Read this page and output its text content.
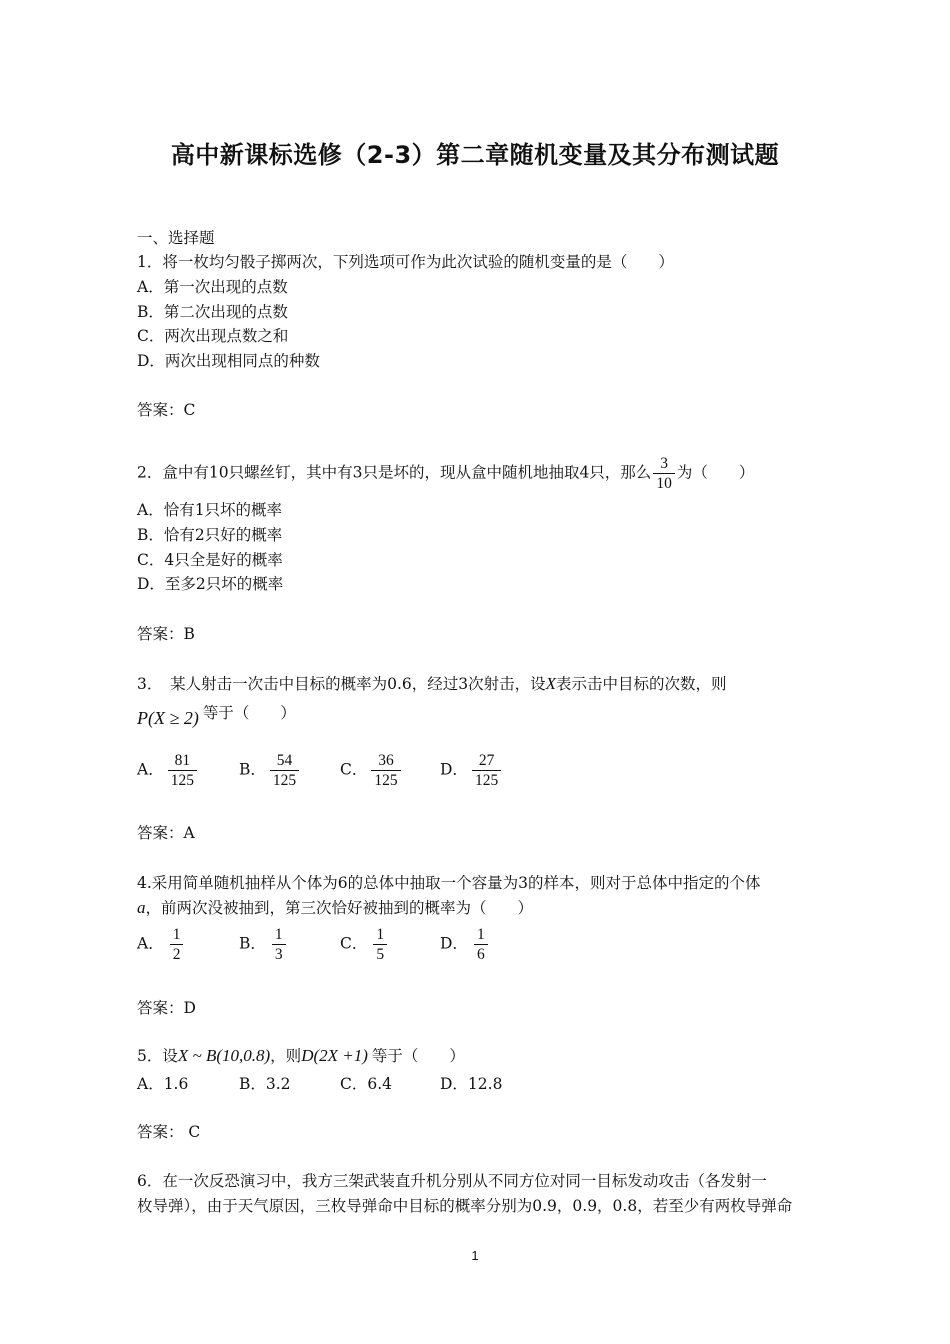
高中新课标选修（2-3）第二章随机变量及其分布测试题
一、选择题
1．将一枚均匀骰子掷两次，下列选项可作为此次试验的随机变量的是（　　）
A．第一次出现的点数
B．第二次出现的点数
C．两次出现点数之和
D．两次出现相同点的种数
答案：C
2．盒中有10只螺丝钉，其中有3只是坏的，现从盒中随机地抽取4只，那么 $\frac{3}{10}$ 为（　　）
A．恰有1只坏的概率
B．恰有2只好的概率
C．4只全是好的概率
D．至多2只坏的概率
答案：B
3．　某人射击一次击中目标的概率为0.6，经过3次射击，设X表示击中目标的次数，则
P(X ≥ 2) 等于（　　）
A． $\frac{81}{125}$	B． $\frac{54}{125}$	C． $\frac{36}{125}$	D． $\frac{27}{125}$
答案：A
4.采用简单随机抽样从个体为6的总体中抽取一个容量为3的样本，则对于总体中指定的个体
a，前两次没被抽到，第三次恰好被抽到的概率为（　　）
A． $\frac{1}{2}$	B． $\frac{1}{3}$	C． $\frac{1}{5}$	D． $\frac{1}{6}$
答案：D
5．设X ~ B(10,0.8)，则D(2X +1) 等于（　　）
A．1.6	B．3.2	C．6.4	D．12.8
答案： C
6．在一次反恐演习中，我方三架武装直升机分别从不同方位对同一目标发动攻击（各发射一
枚导弹），由于天气原因，三枚导弹命中目标的概率分别为0.9，0.9，0.8，若至少有两枚导弹命
1
